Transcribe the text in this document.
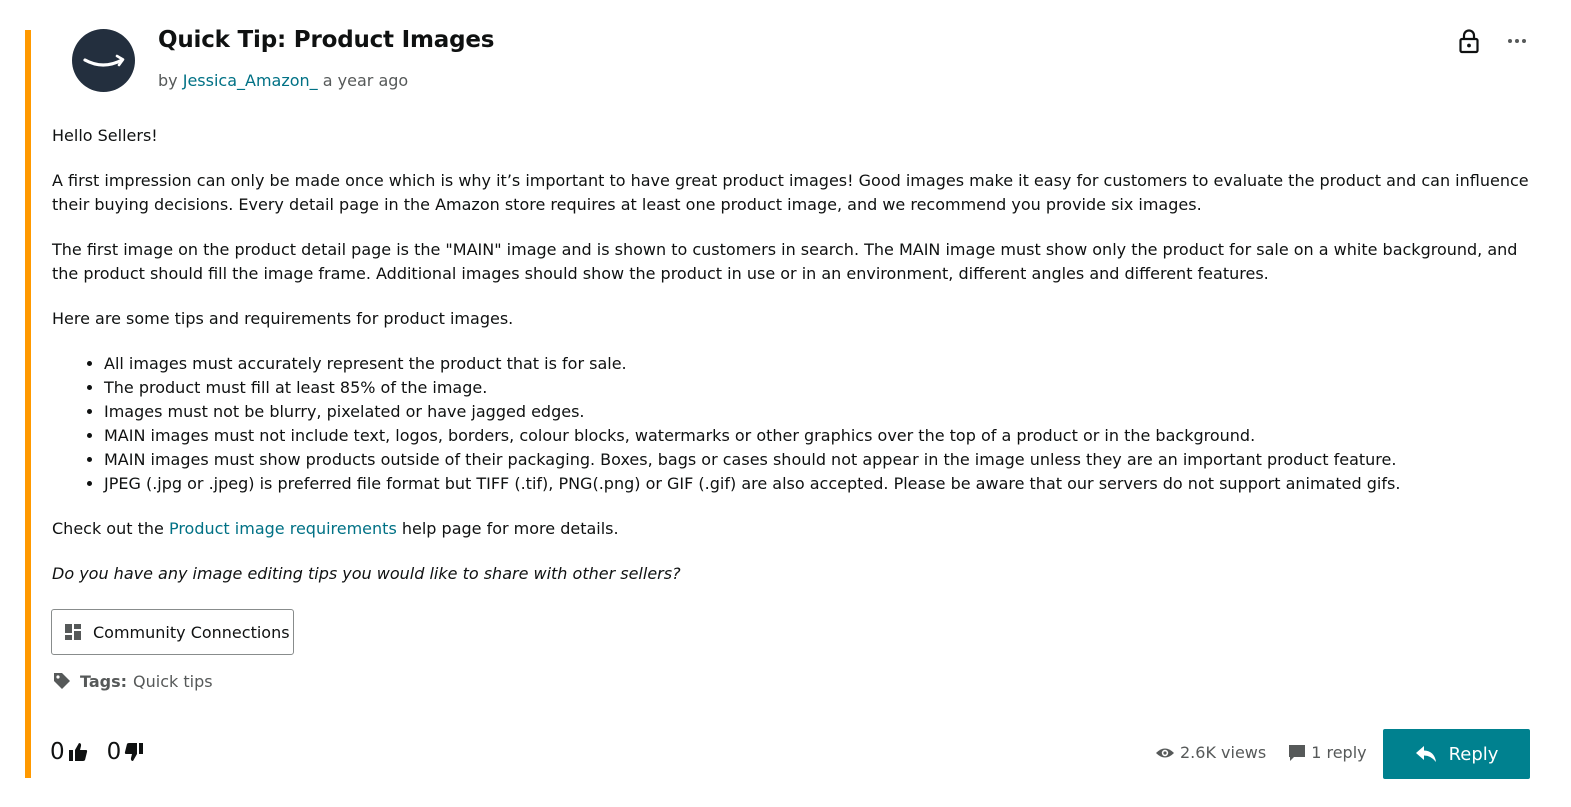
Quick Tip: Product Images
by Jessica_Amazon_ a year ago

Hello Sellers!

A first impression can only be made once which is why it’s important to have great product images! Good images make it easy for customers to evaluate the product and can influence their buying decisions. Every detail page in the Amazon store requires at least one product image, and we recommend you provide six images.

The first image on the product detail page is the "MAIN" image and is shown to customers in search. The MAIN image must show only the product for sale on a white background, and the product should fill the image frame. Additional images should show the product in use or in an environment, different angles and different features.

Here are some tips and requirements for product images.

• All images must accurately represent the product that is for sale.
• The product must fill at least 85% of the image.
• Images must not be blurry, pixelated or have jagged edges.
• MAIN images must not include text, logos, borders, colour blocks, watermarks or other graphics over the top of a product or in the background.
• MAIN images must show products outside of their packaging. Boxes, bags or cases should not appear in the image unless they are an important product feature.
• JPEG (.jpg or .jpeg) is preferred file format but TIFF (.tif), PNG(.png) or GIF (.gif) are also accepted. Please be aware that our servers do not support animated gifs.

Check out the Product image requirements help page for more details.

Do you have any image editing tips you would like to share with other sellers?

Community Connections
Tags: Quick tips
0 0	2.6K views	1 reply	Reply
